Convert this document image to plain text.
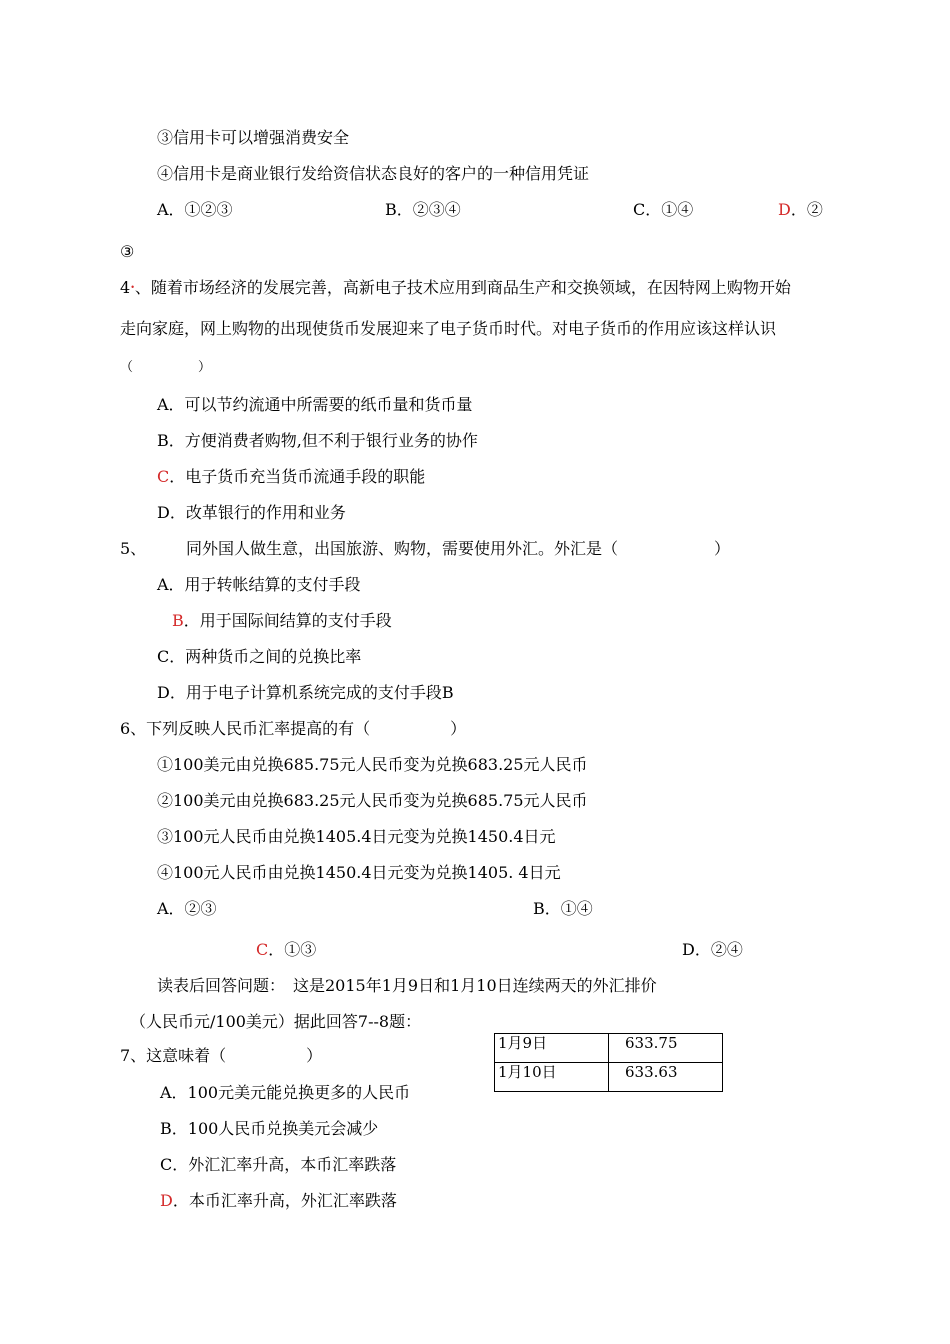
③信用卡可以增强消费安全
④信用卡是商业银行发给资信状态良好的客户的一种信用凭证
A．①②③	B．②③④	C．①④	D．②
③
4•、随着市场经济的发展完善，高新电子技术应用到商品生产和交换领域，在因特网上购物开始
走向家庭，网上购物的出现使货币发展迎来了电子货币时代。对电子货币的作用应该这样认识
（　　　　　）
A．可以节约流通中所需要的纸币量和货币量
B．方便消费者购物,但不利于银行业务的协作
C．电子货币充当货币流通手段的职能
D．改革银行的作用和业务
5、 同外国人做生意，出国旅游、购物，需要使用外汇。外汇是（　　　　　　）
A．用于转帐结算的支付手段
B．用于国际间结算的支付手段
C．两种货币之间的兑换比率
D．用于电子计算机系统完成的支付手段B
6、下列反映人民币汇率提高的有（　　　　　）
①100美元由兑换685.75元人民币变为兑换683.25元人民币
②100美元由兑换683.25元人民币变为兑换685.75元人民币
③100元人民币由兑换1405.4日元变为兑换1450.4日元
④100元人民币由兑换1450.4日元变为兑换1405. 4日元
A．②③	B．①④
C．①③	D．②④
读表后回答问题：　这是2015年1月9日和1月10日连续两天的外汇排价
（人民币元/100美元）据此回答7--8题：
1月9日	633.75
1月10日	633.63
7、这意味着（　　　　　）
A．100元美元能兑换更多的人民币
B．100人民币兑换美元会减少
C．外汇汇率升高，本币汇率跌落
D．本币汇率升高，外汇汇率跌落
